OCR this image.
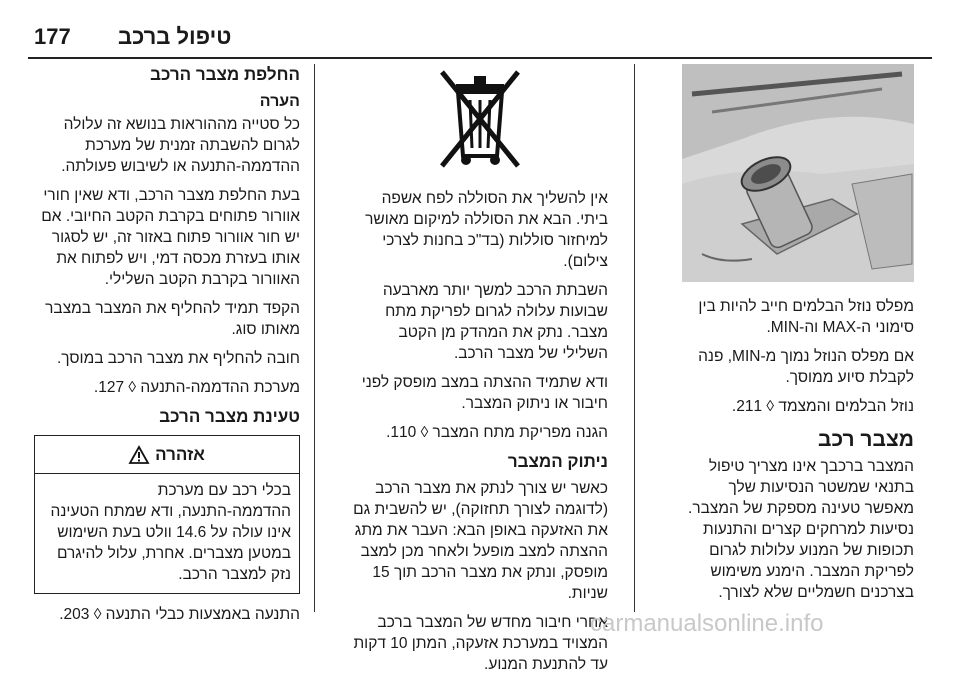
177 טיפול ברכב

מפלס נוזל הבלמים חייב להיות בין סימוני ה-MAX וה-MIN.

אם מפלס הנוזל נמוך מ-MIN, פנה לקבלת סיוע ממוסך.

נוזל הבלמים והמצמד ◊ 211.

מצבר רכב

המצבר ברכבך אינו מצריך טיפול בתנאי שמשטר הנסיעות שלך מאפשר טעינה מספקת של המצבר. נסיעות למרחקים קצרים והתנעות תכופות של המנוע עלולות לגרום לפריקת המצבר. הימנע משימוש בצרכנים חשמליים שלא לצורך.

אין להשליך את הסוללה לפח אשפה ביתי. הבא את הסוללה למיקום מאושר למיחזור סוללות (בד"כ בחנות לצרכי צילום).

השבתת הרכב למשך יותר מארבעה שבועות עלולה לגרום לפריקת מתח מצבר. נתק את המהדק מן הקטב השלילי של מצבר הרכב.

ודא שתמיד ההצתה במצב מופסק לפני חיבור או ניתוק המצבר.

הגנה מפריקת מתח המצבר ◊ 110.

ניתוק המצבר

כאשר יש צורך לנתק את מצבר הרכב (לדוגמה לצורך תחזוקה), יש להשבית גם את האזעקה באופן הבא: העבר את מתג ההצתה למצב מופעל ולאחר מכן למצב מופסק, ונתק את מצבר הרכב תוך 15 שניות.

אחרי חיבור מחדש של המצבר ברכב המצויד במערכת אזעקה, המתן 10 דקות עד להתנעת המנוע.

החלפת מצבר הרכב

הערה

כל סטייה מההוראות בנושא זה עלולה לגרום להשבתה זמנית של מערכת ההדממה-התנעה או לשיבוש פעולתה.

בעת החלפת מצבר הרכב, ודא שאין חורי אוורור פתוחים בקרבת הקטב החיובי. אם יש חור אוורור פתוח באזור זה, יש לסגור אותו בעזרת מכסה דמי, ויש לפתוח את האוורור בקרבת הקטב השלילי.

הקפד תמיד להחליף את המצבר במצבר מאותו סוג.

חובה להחליף את מצבר הרכב במוסך.

מערכת ההדממה-התנעה ◊ 127.

טעינת מצבר הרכב
אזהרה

בכלי רכב עם מערכת ההדממה-התנעה, ודא שמתח הטעינה אינו עולה על 14.6 וולט בעת השימוש במטען מצברים. אחרת, עלול להיגרם נזק למצבר הרכב.

התנעה באמצעות כבלי התנעה ◊ 203.	carmanualsonline.info
